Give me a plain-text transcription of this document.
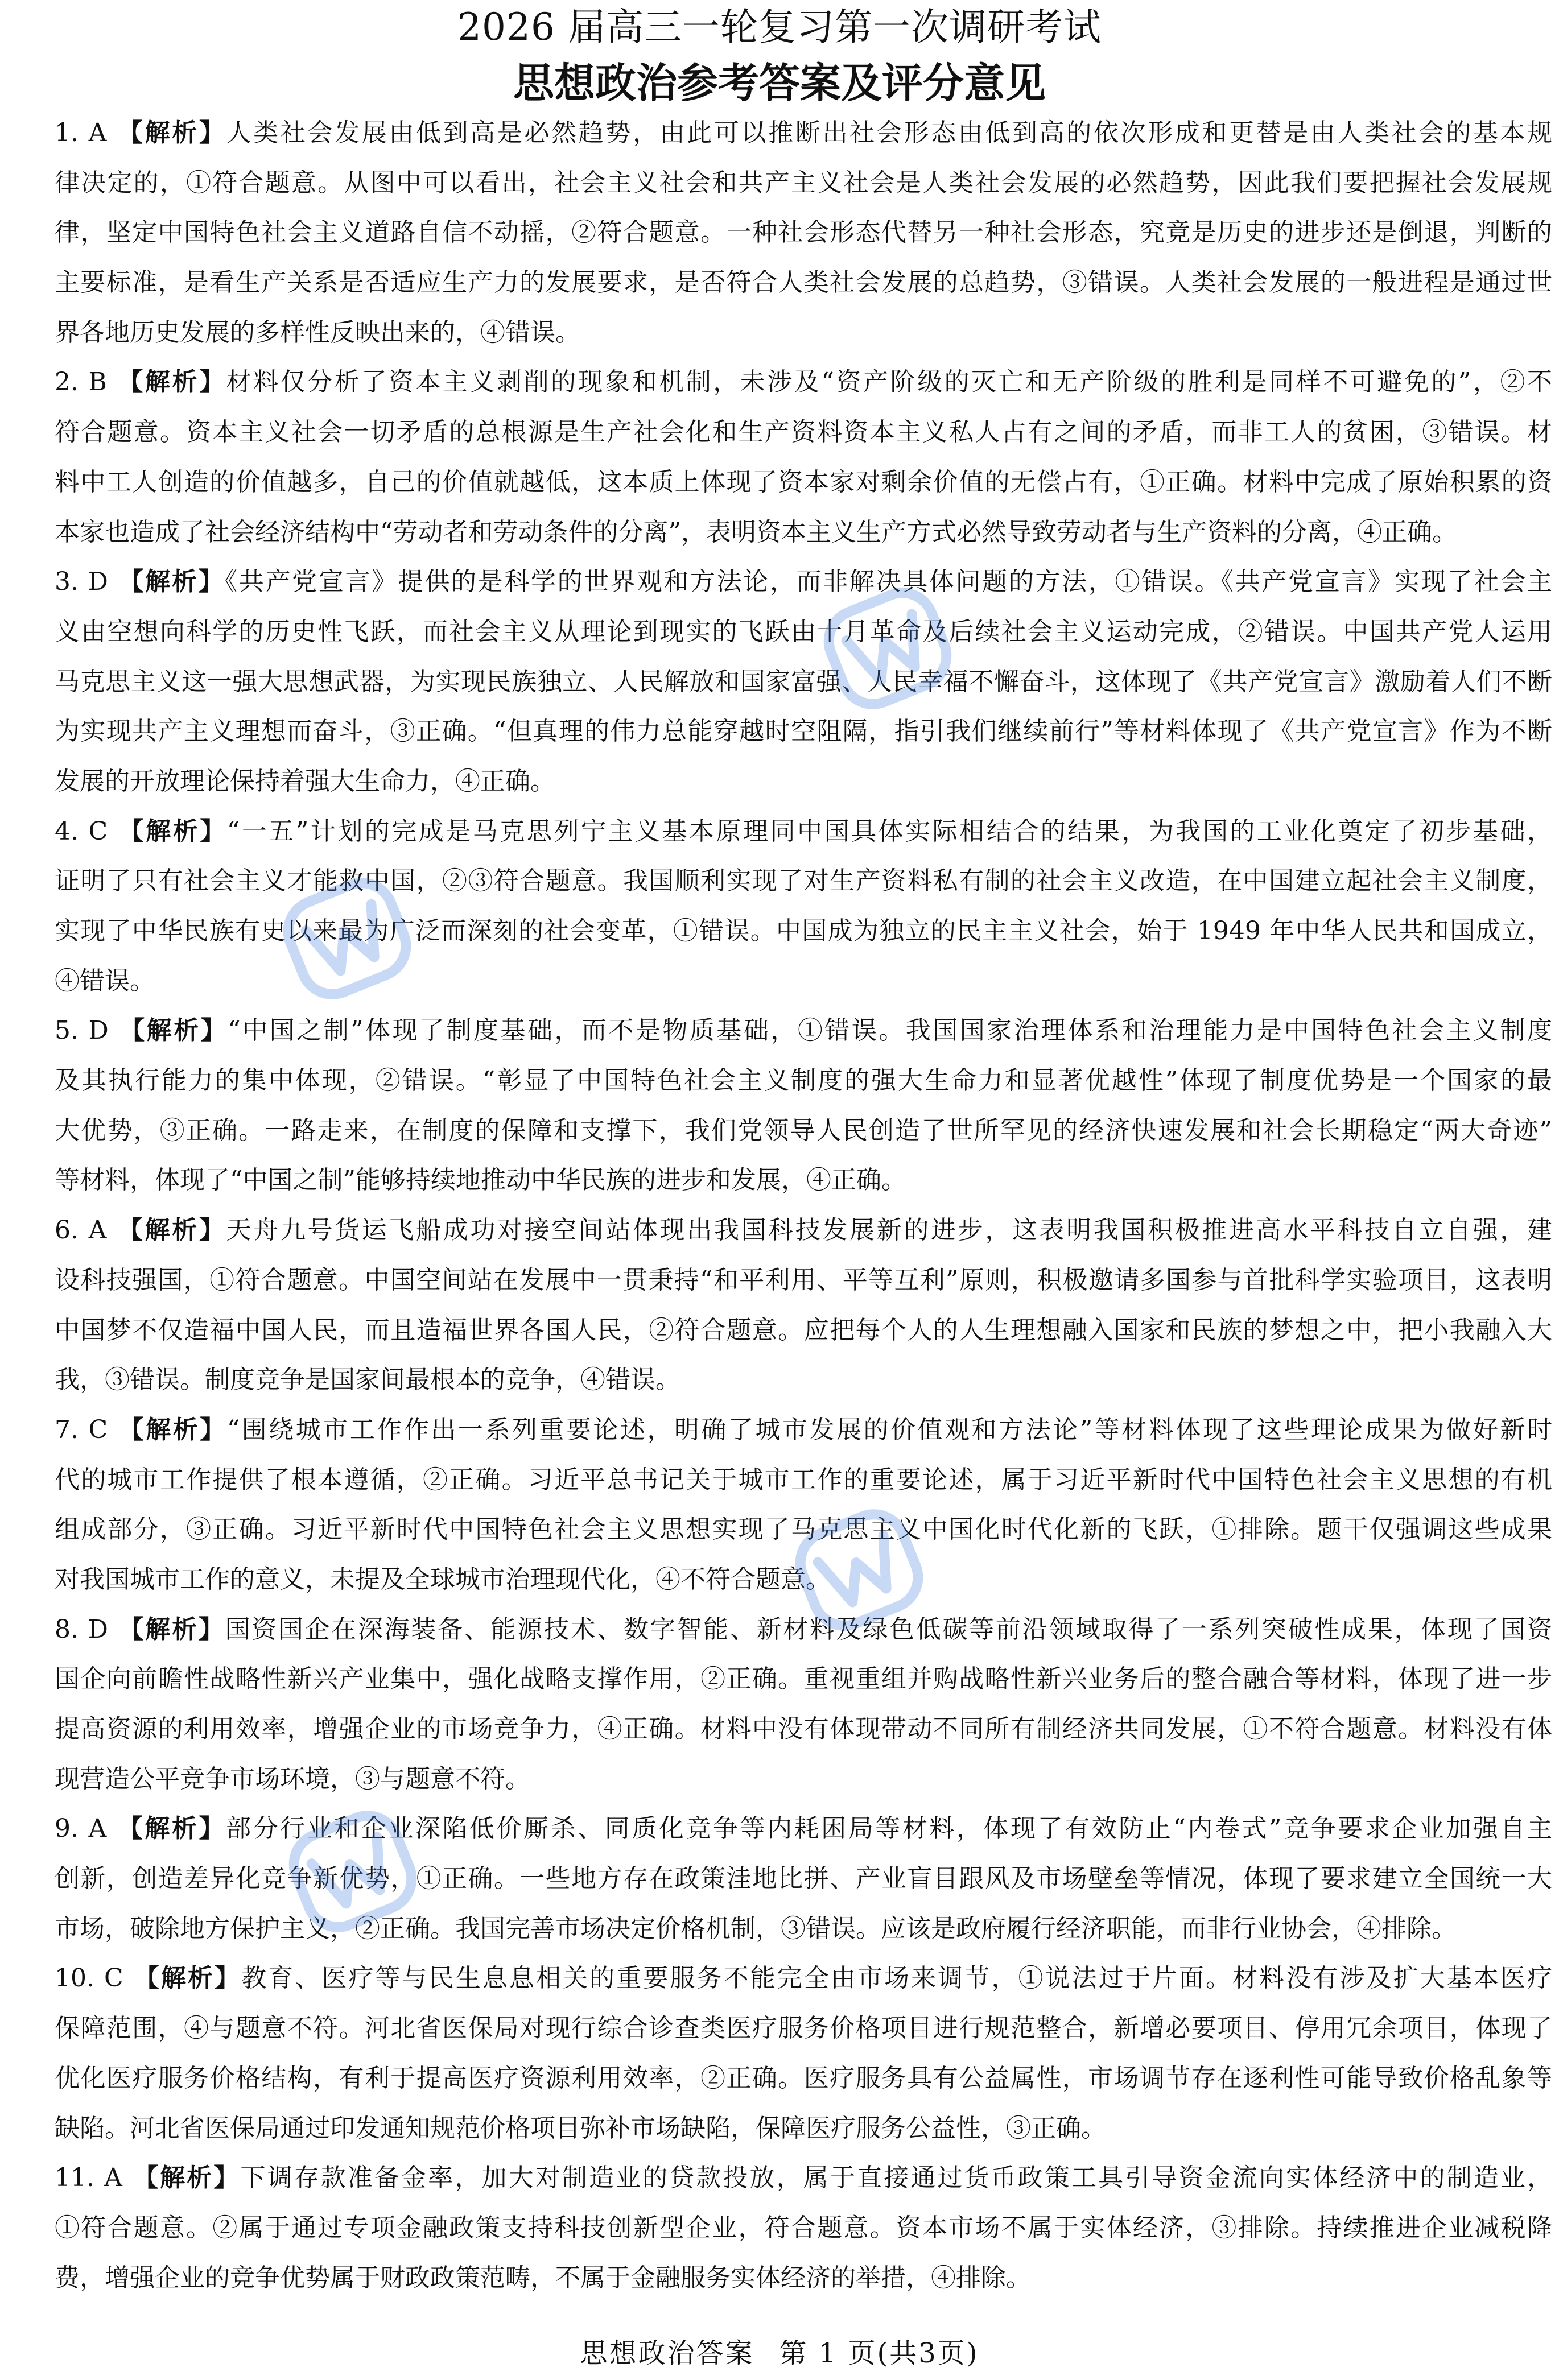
2026 届高三一轮复习第一次调研考试
思想政治参考答案及评分意见
1. A 【解析】人类社会发展由低到高是必然趋势，由此可以推断出社会形态由低到高的依次形成和更替是由人类社会的基本规
律决定的，①符合题意。从图中可以看出，社会主义社会和共产主义社会是人类社会发展的必然趋势，因此我们要把握社会发展规
律，坚定中国特色社会主义道路自信不动摇，②符合题意。一种社会形态代替另一种社会形态，究竟是历史的进步还是倒退，判断的
主要标准，是看生产关系是否适应生产力的发展要求，是否符合人类社会发展的总趋势，③错误。人类社会发展的一般进程是通过世
界各地历史发展的多样性反映出来的，④错误。
2. B 【解析】材料仅分析了资本主义剥削的现象和机制，未涉及“资产阶级的灭亡和无产阶级的胜利是同样不可避免的”，②不
符合题意。资本主义社会一切矛盾的总根源是生产社会化和生产资料资本主义私人占有之间的矛盾，而非工人的贫困，③错误。材
料中工人创造的价值越多，自己的价值就越低，这本质上体现了资本家对剩余价值的无偿占有，①正确。材料中完成了原始积累的资
本家也造成了社会经济结构中“劳动者和劳动条件的分离”，表明资本主义生产方式必然导致劳动者与生产资料的分离，④正确。
3. D 【解析】《共产党宣言》提供的是科学的世界观和方法论，而非解决具体问题的方法，①错误。《共产党宣言》实现了社会主
义由空想向科学的历史性飞跃，而社会主义从理论到现实的飞跃由十月革命及后续社会主义运动完成，②错误。中国共产党人运用
马克思主义这一强大思想武器，为实现民族独立、人民解放和国家富强、人民幸福不懈奋斗，这体现了《共产党宣言》激励着人们不断
为实现共产主义理想而奋斗，③正确。“但真理的伟力总能穿越时空阻隔，指引我们继续前行”等材料体现了《共产党宣言》作为不断
发展的开放理论保持着强大生命力，④正确。
4. C 【解析】“一五”计划的完成是马克思列宁主义基本原理同中国具体实际相结合的结果，为我国的工业化奠定了初步基础，
证明了只有社会主义才能救中国，②③符合题意。我国顺利实现了对生产资料私有制的社会主义改造，在中国建立起社会主义制度，
实现了中华民族有史以来最为广泛而深刻的社会变革，①错误。中国成为独立的民主主义社会，始于 1949 年中华人民共和国成立，
④错误。
5. D 【解析】“中国之制”体现了制度基础，而不是物质基础，①错误。我国国家治理体系和治理能力是中国特色社会主义制度
及其执行能力的集中体现，②错误。“彰显了中国特色社会主义制度的强大生命力和显著优越性”体现了制度优势是一个国家的最
大优势，③正确。一路走来，在制度的保障和支撑下，我们党领导人民创造了世所罕见的经济快速发展和社会长期稳定“两大奇迹”
等材料，体现了“中国之制”能够持续地推动中华民族的进步和发展，④正确。
6. A 【解析】天舟九号货运飞船成功对接空间站体现出我国科技发展新的进步，这表明我国积极推进高水平科技自立自强，建
设科技强国，①符合题意。中国空间站在发展中一贯秉持“和平利用、平等互利”原则，积极邀请多国参与首批科学实验项目，这表明
中国梦不仅造福中国人民，而且造福世界各国人民，②符合题意。应把每个人的人生理想融入国家和民族的梦想之中，把小我融入大
我，③错误。制度竞争是国家间最根本的竞争，④错误。
7. C 【解析】“围绕城市工作作出一系列重要论述，明确了城市发展的价值观和方法论”等材料体现了这些理论成果为做好新时
代的城市工作提供了根本遵循，②正确。习近平总书记关于城市工作的重要论述，属于习近平新时代中国特色社会主义思想的有机
组成部分，③正确。习近平新时代中国特色社会主义思想实现了马克思主义中国化时代化新的飞跃，①排除。题干仅强调这些成果
对我国城市工作的意义，未提及全球城市治理现代化，④不符合题意。
8. D 【解析】国资国企在深海装备、能源技术、数字智能、新材料及绿色低碳等前沿领域取得了一系列突破性成果，体现了国资
国企向前瞻性战略性新兴产业集中，强化战略支撑作用，②正确。重视重组并购战略性新兴业务后的整合融合等材料，体现了进一步
提高资源的利用效率，增强企业的市场竞争力，④正确。材料中没有体现带动不同所有制经济共同发展，①不符合题意。材料没有体
现营造公平竞争市场环境，③与题意不符。
9. A 【解析】部分行业和企业深陷低价厮杀、同质化竞争等内耗困局等材料，体现了有效防止“内卷式”竞争要求企业加强自主
创新，创造差异化竞争新优势，①正确。一些地方存在政策洼地比拼、产业盲目跟风及市场壁垒等情况，体现了要求建立全国统一大
市场，破除地方保护主义，②正确。我国完善市场决定价格机制，③错误。应该是政府履行经济职能，而非行业协会，④排除。
10. C 【解析】教育、医疗等与民生息息相关的重要服务不能完全由市场来调节，①说法过于片面。材料没有涉及扩大基本医疗
保障范围，④与题意不符。河北省医保局对现行综合诊查类医疗服务价格项目进行规范整合，新增必要项目、停用冗余项目，体现了
优化医疗服务价格结构，有利于提高医疗资源利用效率，②正确。医疗服务具有公益属性，市场调节存在逐利性可能导致价格乱象等
缺陷。河北省医保局通过印发通知规范价格项目弥补市场缺陷，保障医疗服务公益性，③正确。
11. A 【解析】下调存款准备金率，加大对制造业的贷款投放，属于直接通过货币政策工具引导资金流向实体经济中的制造业，
①符合题意。②属于通过专项金融政策支持科技创新型企业，符合题意。资本市场不属于实体经济，③排除。持续推进企业减税降
费，增强企业的竞争优势属于财政政策范畴，不属于金融服务实体经济的举措，④排除。
思想政治答案 第 1 页(共3页)
